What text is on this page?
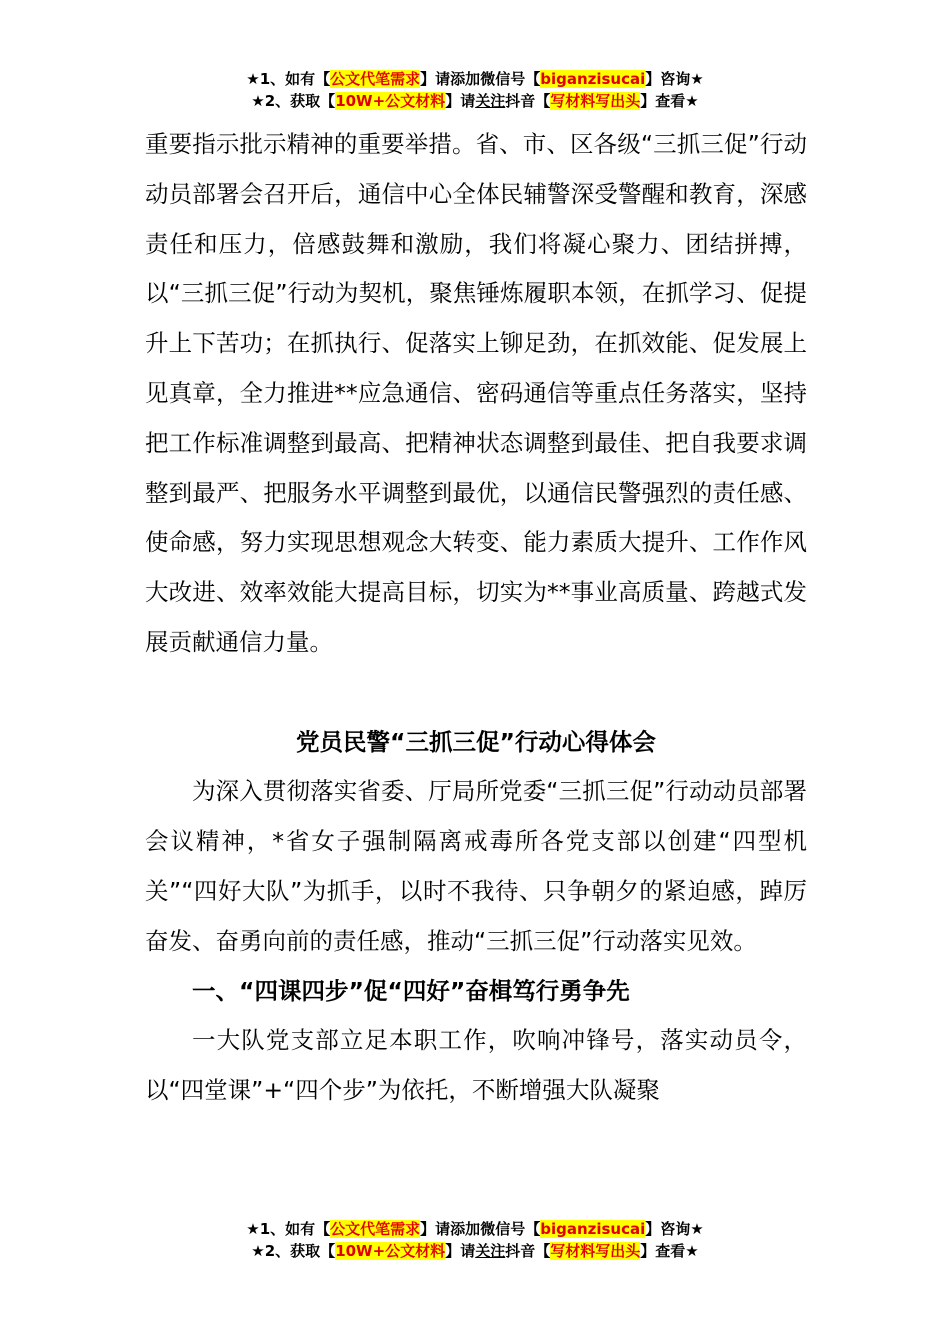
★1、如有【公文代笔需求】请添加微信号【biganzisucai】咨询★
★2、获取【10W+公文材料】请关注抖音【写材料写出头】查看★

重要指示批示精神的重要举措。省、市、区各级“三抓三促”行动动员部署会召开后，通信中心全体民辅警深受警醒和教育，深感责任和压力，倍感鼓舞和激励，我们将凝心聚力、团结拼搏，以“三抓三促”行动为契机，聚焦锤炼履职本领，在抓学习、促提升上下苦功；在抓执行、促落实上铆足劲，在抓效能、促发展上见真章，全力推进**应急通信、密码通信等重点任务落实，坚持把工作标准调整到最高、把精神状态调整到最佳、把自我要求调整到最严、把服务水平调整到最优，以通信民警强烈的责任感、使命感，努力实现思想观念大转变、能力素质大提升、工作作风大改进、效率效能大提高目标，切实为**事业高质量、跨越式发展贡献通信力量。

党员民警“三抓三促”行动心得体会

为深入贯彻落实省委、厅局所党委“三抓三促”行动动员部署会议精神，*省女子强制隔离戒毒所各党支部以创建“四型机关”“四好大队”为抓手，以时不我待、只争朝夕的紧迫感，踔厉奋发、奋勇向前的责任感，推动“三抓三促”行动落实见效。

一、“四课四步”促“四好”奋楫笃行勇争先

一大队党支部立足本职工作，吹响冲锋号，落实动员令，以“四堂课”+“四个步”为依托，不断增强大队凝聚

★1、如有【公文代笔需求】请添加微信号【biganzisucai】咨询★
★2、获取【10W+公文材料】请关注抖音【写材料写出头】查看★
